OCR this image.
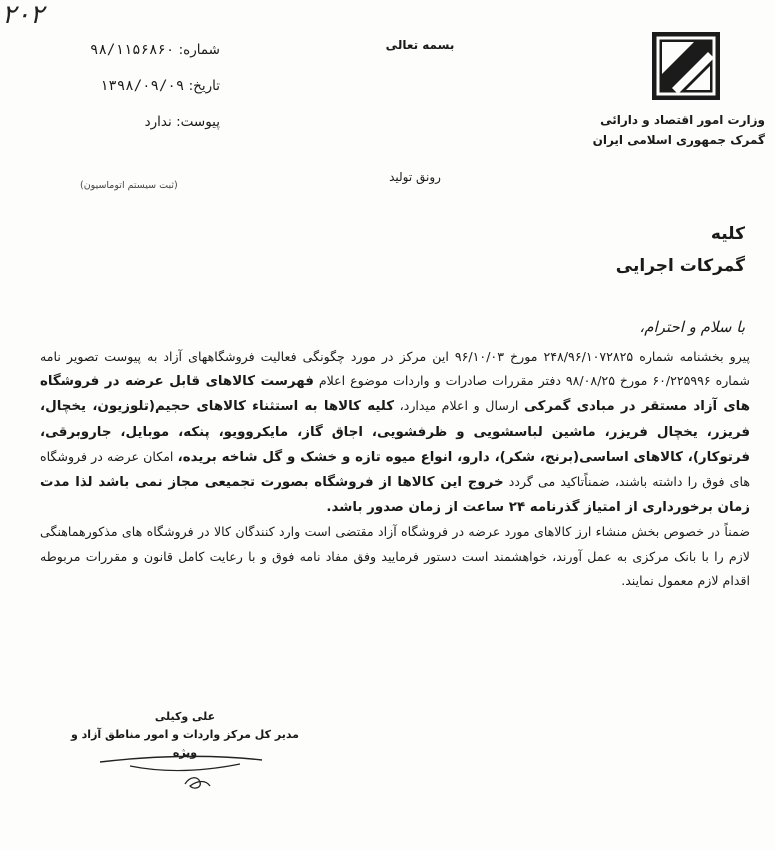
۲۰۲
شماره: ۹۸/۱۱۵۶۸۶۰
تاریخ: ۱۳۹۸/۰۹/۰۹
پیوست: ندارد
(ثبت سیستم اتوماسیون)
بسمه تعالی
رونق تولید
وزارت امور اقتصاد و دارائی
گمرک جمهوری اسلامی ایران
کلیه
گمرکات اجرایی
با سلام و احترام،

پیرو بخشنامه شماره ۲۴۸/۹۶/۱۰۷۲۸۲۵ مورخ ۹۶/۱۰/۰۳ این مرکز در مورد چگونگی فعالیت فروشگاههای آزاد به پیوست تصویر نامه شماره ۶۰/۲۲۵۹۹۶ مورخ ۹۸/۰۸/۲۵ دفتر مقررات صادرات و واردات موضوع اعلام فهرست کالاهای قابل عرضه در فروشگاه های آزاد مستقر در مبادی گمرکی ارسال و اعلام میدارد، کلیه کالاها به استثناء کالاهای حجیم(تلوزیون، یخچال، فریزر، یخچال فریزر، ماشین لباسشویی و ظرفشویی، اجاق گاز، مایکروویو، پنکه، موبایل، جاروبرقی، فرتوکار)، کالاهای اساسی(برنج، شکر)، دارو، انواع میوه تازه و خشک و گل شاخه بریده، امکان عرضه در فروشگاه های فوق را داشته باشند، ضمناًتاکید می گردد خروج این کالاها از فروشگاه بصورت تجمیعی مجاز نمی باشد لذا مدت زمان برخورداری از امتیاز گذرنامه ۲۴ ساعت از زمان صدور باشد.

ضمناً در خصوص بخش منشاء ارز کالاهای مورد عرضه در فروشگاه آزاد مقتضی است وارد کنندگان کالا در فروشگاه های مذکورهماهنگی لازم را با بانک مرکزی به عمل آورند، خواهشمند است دستور فرمایید وفق مفاد نامه فوق و با رعایت کامل قانون و مقررات مربوطه اقدام لازم معمول نمایند.

علی وکیلی
مدیر کل مرکز واردات و امور مناطق آزاد و ویژه
